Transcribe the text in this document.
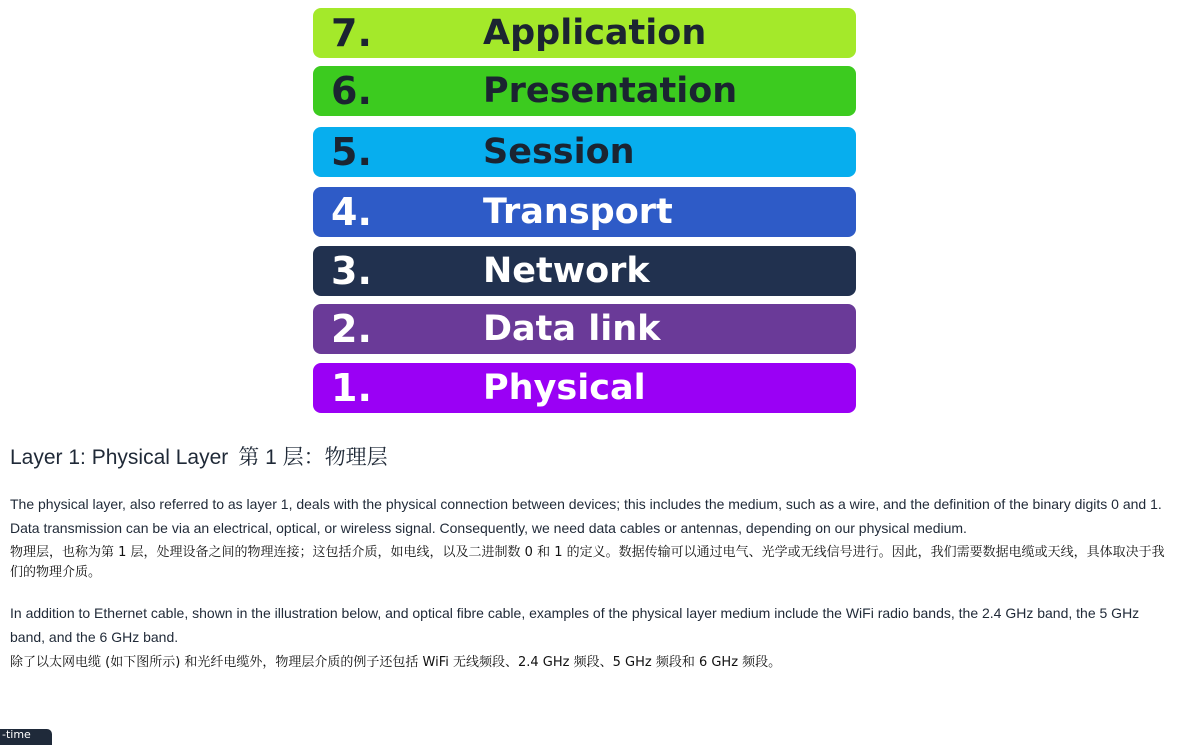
7.	Application
6.	Presentation
5.	Session
4.	Transport
3.	Network
2.	Data link
1.	Physical
Layer 1: Physical Layer 第 1 层：物理层
The physical layer, also referred to as layer 1, deals with the physical connection between devices; this includes the medium, such as a wire, and the definition of the binary digits 0 and 1. Data transmission can be via an electrical, optical, or wireless signal. Consequently, we need data cables or antennas, depending on our physical medium.
物理层，也称为第 1 层，处理设备之间的物理连接；这包括介质，如电线，以及二进制数 0 和 1 的定义。数据传输可以通过电气、光学或无线信号进行。因此，我们需要数据电缆或天线，具体取决于我们的物理介质。
In addition to Ethernet cable, shown in the illustration below, and optical fibre cable, examples of the physical layer medium include the WiFi radio bands, the 2.4 GHz band, the 5 GHz band, and the 6 GHz band.
除了以太网电缆 (如下图所示) 和光纤电缆外，物理层介质的例子还包括 WiFi 无线频段、2.4 GHz 频段、5 GHz 频段和 6 GHz 频段。
-time
